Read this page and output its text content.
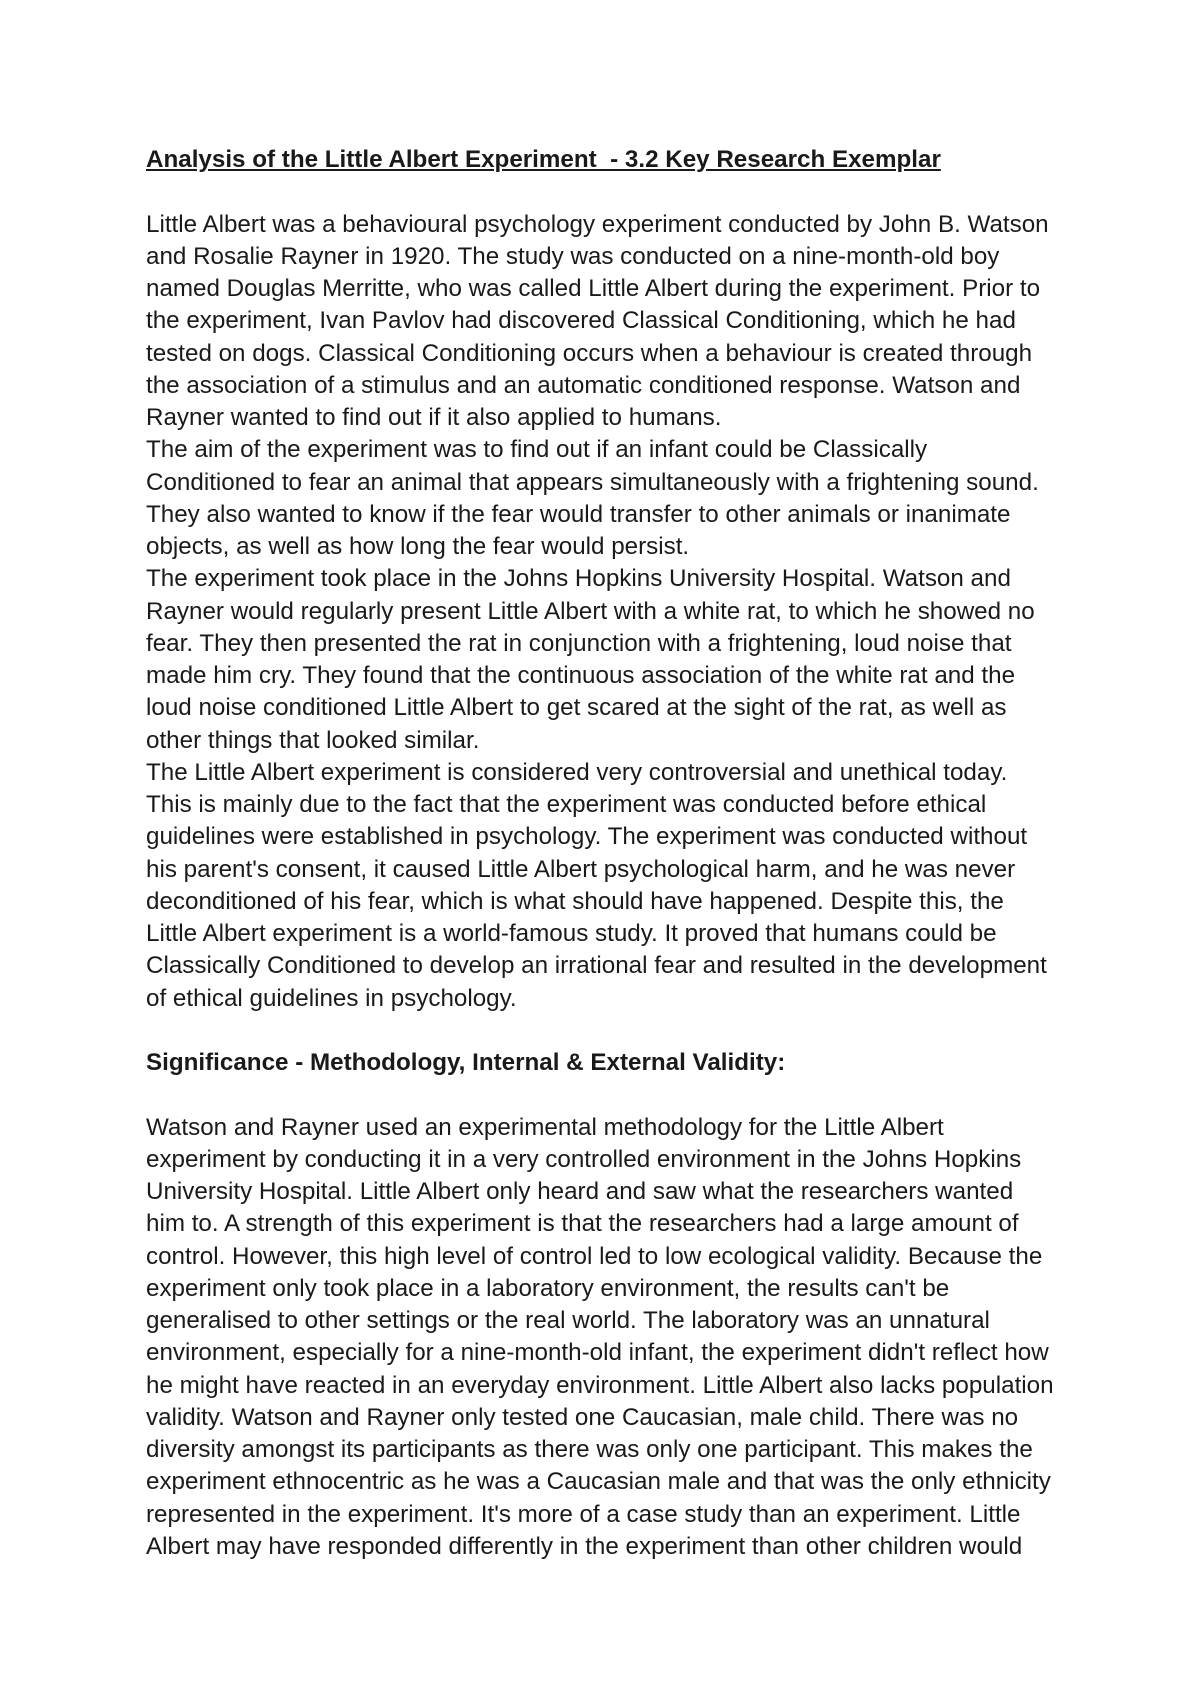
Analysis of the Little Albert Experiment  - 3.2 Key Research Exemplar
Little Albert was a behavioural psychology experiment conducted by John B. Watson
and Rosalie Rayner in 1920. The study was conducted on a nine-month-old boy
named Douglas Merritte, who was called Little Albert during the experiment. Prior to
the experiment, Ivan Pavlov had discovered Classical Conditioning, which he had
tested on dogs. Classical Conditioning occurs when a behaviour is created through
the association of a stimulus and an automatic conditioned response. Watson and
Rayner wanted to find out if it also applied to humans.
The aim of the experiment was to find out if an infant could be Classically
Conditioned to fear an animal that appears simultaneously with a frightening sound.
They also wanted to know if the fear would transfer to other animals or inanimate
objects, as well as how long the fear would persist.
The experiment took place in the Johns Hopkins University Hospital. Watson and
Rayner would regularly present Little Albert with a white rat, to which he showed no
fear. They then presented the rat in conjunction with a frightening, loud noise that
made him cry. They found that the continuous association of the white rat and the
loud noise conditioned Little Albert to get scared at the sight of the rat, as well as
other things that looked similar.
The Little Albert experiment is considered very controversial and unethical today.
This is mainly due to the fact that the experiment was conducted before ethical
guidelines were established in psychology. The experiment was conducted without
his parent's consent, it caused Little Albert psychological harm, and he was never
deconditioned of his fear, which is what should have happened. Despite this, the
Little Albert experiment is a world-famous study. It proved that humans could be
Classically Conditioned to develop an irrational fear and resulted in the development
of ethical guidelines in psychology.
Significance - Methodology, Internal & External Validity:
Watson and Rayner used an experimental methodology for the Little Albert
experiment by conducting it in a very controlled environment in the Johns Hopkins
University Hospital. Little Albert only heard and saw what the researchers wanted
him to. A strength of this experiment is that the researchers had a large amount of
control. However, this high level of control led to low ecological validity. Because the
experiment only took place in a laboratory environment, the results can't be
generalised to other settings or the real world. The laboratory was an unnatural
environment, especially for a nine-month-old infant, the experiment didn't reflect how
he might have reacted in an everyday environment. Little Albert also lacks population
validity. Watson and Rayner only tested one Caucasian, male child. There was no
diversity amongst its participants as there was only one participant. This makes the
experiment ethnocentric as he was a Caucasian male and that was the only ethnicity
represented in the experiment. It's more of a case study than an experiment. Little
Albert may have responded differently in the experiment than other children would
